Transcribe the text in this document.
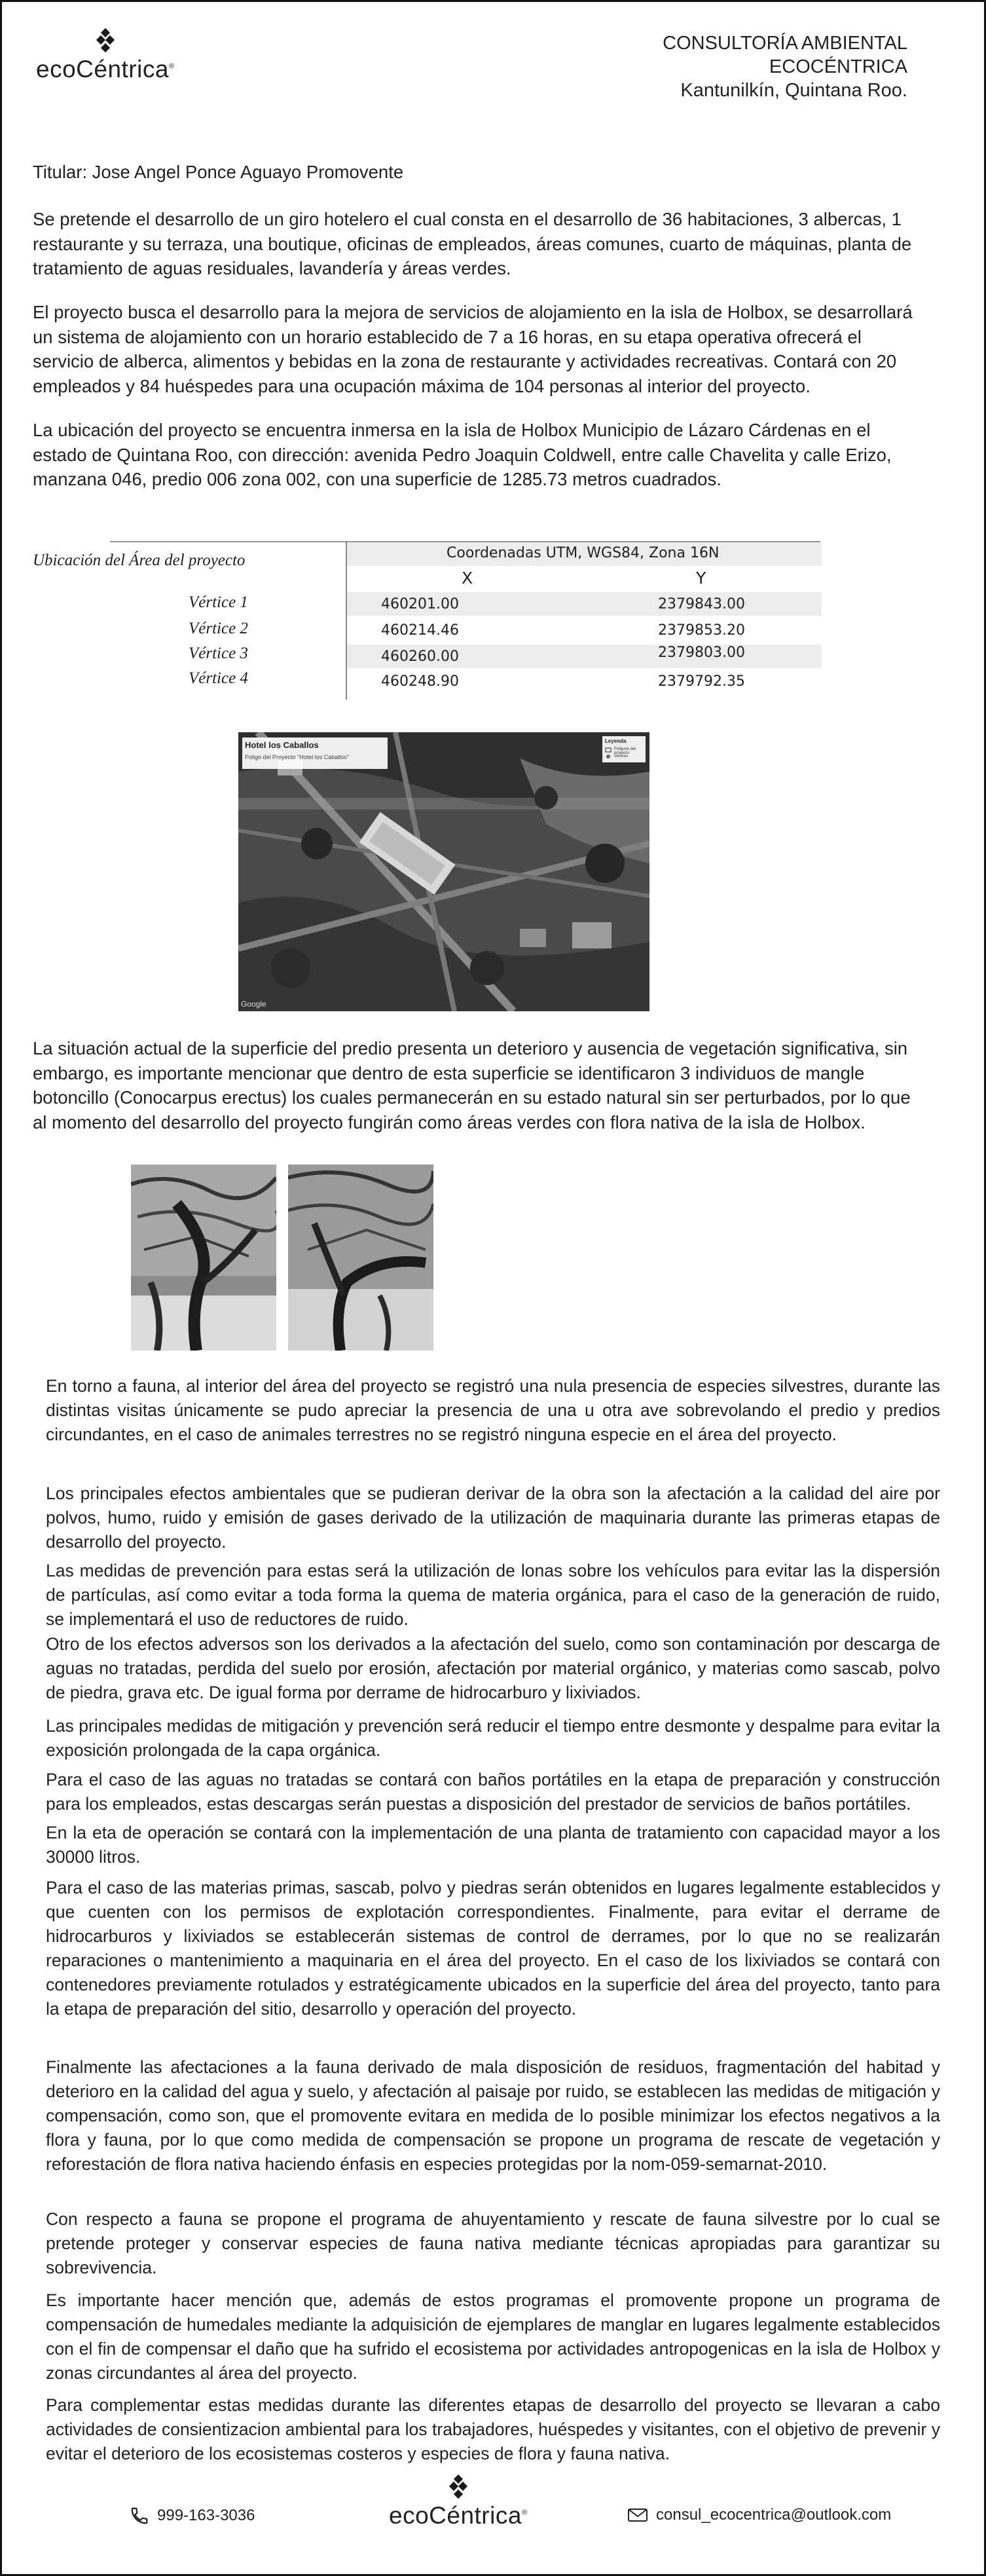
ecoCéntrica®
CONSULTORÍA AMBIENTAL
ECOCÉNTRICA
Kantunilkín, Quintana Roo.

Titular: Jose Angel Ponce Aguayo Promovente

Se pretende el desarrollo de un giro hotelero el cual consta en el desarrollo de 36 habitaciones, 3 albercas, 1 restaurante y su terraza, una boutique, oficinas de empleados, áreas comunes, cuarto de máquinas, planta de tratamiento de aguas residuales, lavandería y áreas verdes.

El proyecto busca el desarrollo para la mejora de servicios de alojamiento en la isla de Holbox, se desarrollará un sistema de alojamiento con un horario establecido de 7 a 16 horas, en su etapa operativa ofrecerá el servicio de alberca, alimentos y bebidas en la zona de restaurante y actividades recreativas. Contará con 20 empleados y 84 huéspedes para una ocupación máxima de 104 personas al interior del proyecto.

La ubicación del proyecto se encuentra inmersa en la isla de Holbox Municipio de Lázaro Cárdenas en el estado de Quintana Roo, con dirección: avenida Pedro Joaquin Coldwell, entre calle Chavelita y calle Erizo, manzana 046, predio 006 zona 002, con una superficie de 1285.73 metros cuadrados.

Ubicación del Área del proyecto	Coordenadas UTM, WGS84, Zona 16N
X	Y
Vértice 1	460201.00	2379843.00
Vértice 2	460214.46	2379853.20
Vértice 3	460260.00	2379803.00
Vértice 4	460248.90	2379792.35
Hotel los Caballos
Poligo del Proyecto "Hotel los Caballos"
Leyenda
Poligono del proyecto
Vertices
Google

La situación actual de la superficie del predio presenta un deterioro y ausencia de vegetación significativa, sin embargo, es importante mencionar que dentro de esta superficie se identificaron 3 individuos de mangle botoncillo (Conocarpus erectus) los cuales permanecerán en su estado natural sin ser perturbados, por lo que al momento del desarrollo del proyecto fungirán como áreas verdes con flora nativa de la isla de Holbox.

En torno a fauna, al interior del área del proyecto se registró una nula presencia de especies silvestres, durante las distintas visitas únicamente se pudo apreciar la presencia de una u otra ave sobrevolando el predio y predios circundantes, en el caso de animales terrestres no se registró ninguna especie en el área del proyecto.

Los principales efectos ambientales que se pudieran derivar de la obra son la afectación a la calidad del aire por polvos, humo, ruido y emisión de gases derivado de la utilización de maquinaria durante las primeras etapas de desarrollo del proyecto.

Las medidas de prevención para estas será la utilización de lonas sobre los vehículos para evitar las la dispersión de partículas, así como evitar a toda forma la quema de materia orgánica, para el caso de la generación de ruido, se implementará el uso de reductores de ruido.

Otro de los efectos adversos son los derivados a la afectación del suelo, como son contaminación por descarga de aguas no tratadas, perdida del suelo por erosión, afectación por material orgánico, y materias como sascab, polvo de piedra, grava etc. De igual forma por derrame de hidrocarburo y lixiviados.

Las principales medidas de mitigación y prevención será reducir el tiempo entre desmonte y despalme para evitar la exposición prolongada de la capa orgánica.

Para el caso de las aguas no tratadas se contará con baños portátiles en la etapa de preparación y construcción para los empleados, estas descargas serán puestas a disposición del prestador de servicios de baños portátiles.

En la eta de operación se contará con la implementación de una planta de tratamiento con capacidad mayor a los 30000 litros.

Para el caso de las materias primas, sascab, polvo y piedras serán obtenidos en lugares legalmente establecidos y que cuenten con los permisos de explotación correspondientes. Finalmente, para evitar el derrame de hidrocarburos y lixiviados se establecerán sistemas de control de derrames, por lo que no se realizarán reparaciones o mantenimiento a maquinaria en el área del proyecto. En el caso de los lixiviados se contará con contenedores previamente rotulados y estratégicamente ubicados en la superficie del área del proyecto, tanto para la etapa de preparación del sitio, desarrollo y operación del proyecto.

Finalmente las afectaciones a la fauna derivado de mala disposición de residuos, fragmentación del habitad y deterioro en la calidad del agua y suelo, y afectación al paisaje por ruido, se establecen las medidas de mitigación y compensación, como son, que el promovente evitara en medida de lo posible minimizar los efectos negativos a la flora y fauna, por lo que como medida de compensación se propone un programa de rescate de vegetación y reforestación de flora nativa haciendo énfasis en especies protegidas por la nom-059-semarnat-2010.

Con respecto a fauna se propone el programa de ahuyentamiento y rescate de fauna silvestre por lo cual se pretende proteger y conservar especies de fauna nativa mediante técnicas apropiadas para garantizar su sobrevivencia.

Es importante hacer mención que, además de estos programas el promovente propone un programa de compensación de humedales mediante la adquisición de ejemplares de manglar en lugares legalmente establecidos con el fin de compensar el daño que ha sufrido el ecosistema por actividades antropogenicas en la isla de Holbox y zonas circundantes al área del proyecto.

Para complementar estas medidas durante las diferentes etapas de desarrollo del proyecto se llevaran a cabo actividades de consientizacion ambiental para los trabajadores, huéspedes y visitantes, con el objetivo de prevenir y evitar el deterioro de los ecosistemas costeros y especies de flora y fauna nativa.

999-163-3036	ecoCéntrica®	consul_ecocentrica@outlook.com
